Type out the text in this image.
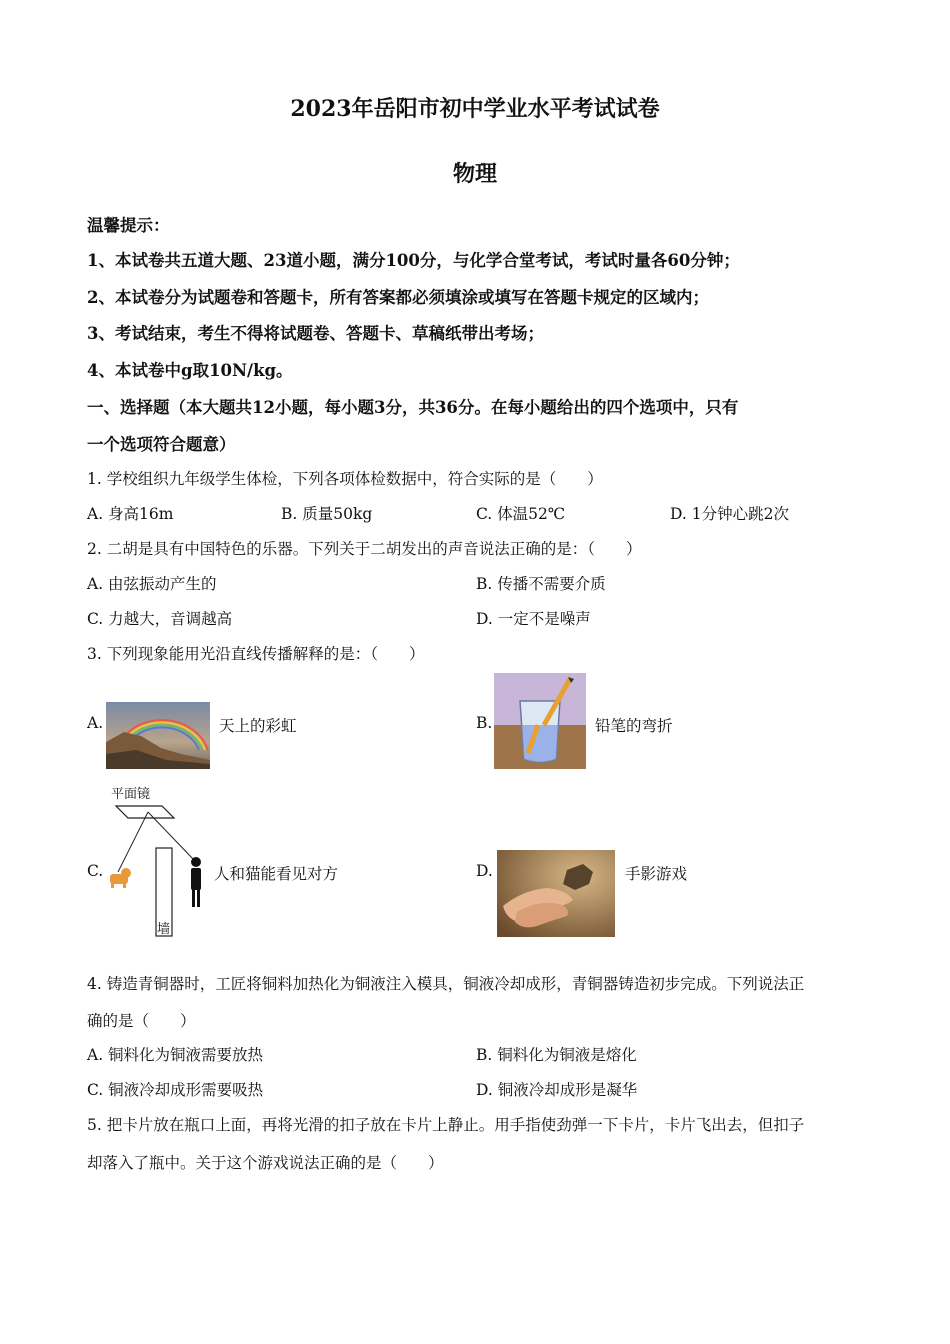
2023年岳阳市初中学业水平考试试卷
物理
温馨提示：
1、本试卷共五道大题、23道小题，满分100分，与化学合堂考试，考试时量各60分钟；
2、本试卷分为试题卷和答题卡，所有答案都必须填涂或填写在答题卡规定的区域内；
3、考试结束，考生不得将试题卷、答题卡、草稿纸带出考场；
4、本试卷中g取10N/kg。
一、选择题（本大题共12小题，每小题3分，共36分。在每小题给出的四个选项中，只有
一个选项符合题意）
1. 学校组织九年级学生体检，下列各项体检数据中，符合实际的是（　　）
A. 身高16m	B. 质量50kg	C. 体温52℃	D. 1分钟心跳2次
2. 二胡是具有中国特色的乐器。下列关于二胡发出的声音说法正确的是：（　　）
A. 由弦振动产生的	B. 传播不需要介质
C. 力越大，音调越高	D. 一定不是噪声
3. 下列现象能用光沿直线传播解释的是：（　　）
A.	天上的彩虹	B.	铅笔的弯折
C.
平面镜
墙
人和猫能看见对方	D.	手影游戏
4. 铸造青铜器时，工匠将铜料加热化为铜液注入模具，铜液冷却成形，青铜器铸造初步完成。下列说法正
确的是（　　）
A. 铜料化为铜液需要放热	B. 铜料化为铜液是熔化
C. 铜液冷却成形需要吸热	D. 铜液冷却成形是凝华
5. 把卡片放在瓶口上面，再将光滑的扣子放在卡片上静止。用手指使劲弹一下卡片，卡片飞出去，但扣子
却落入了瓶中。关于这个游戏说法正确的是（　　）
